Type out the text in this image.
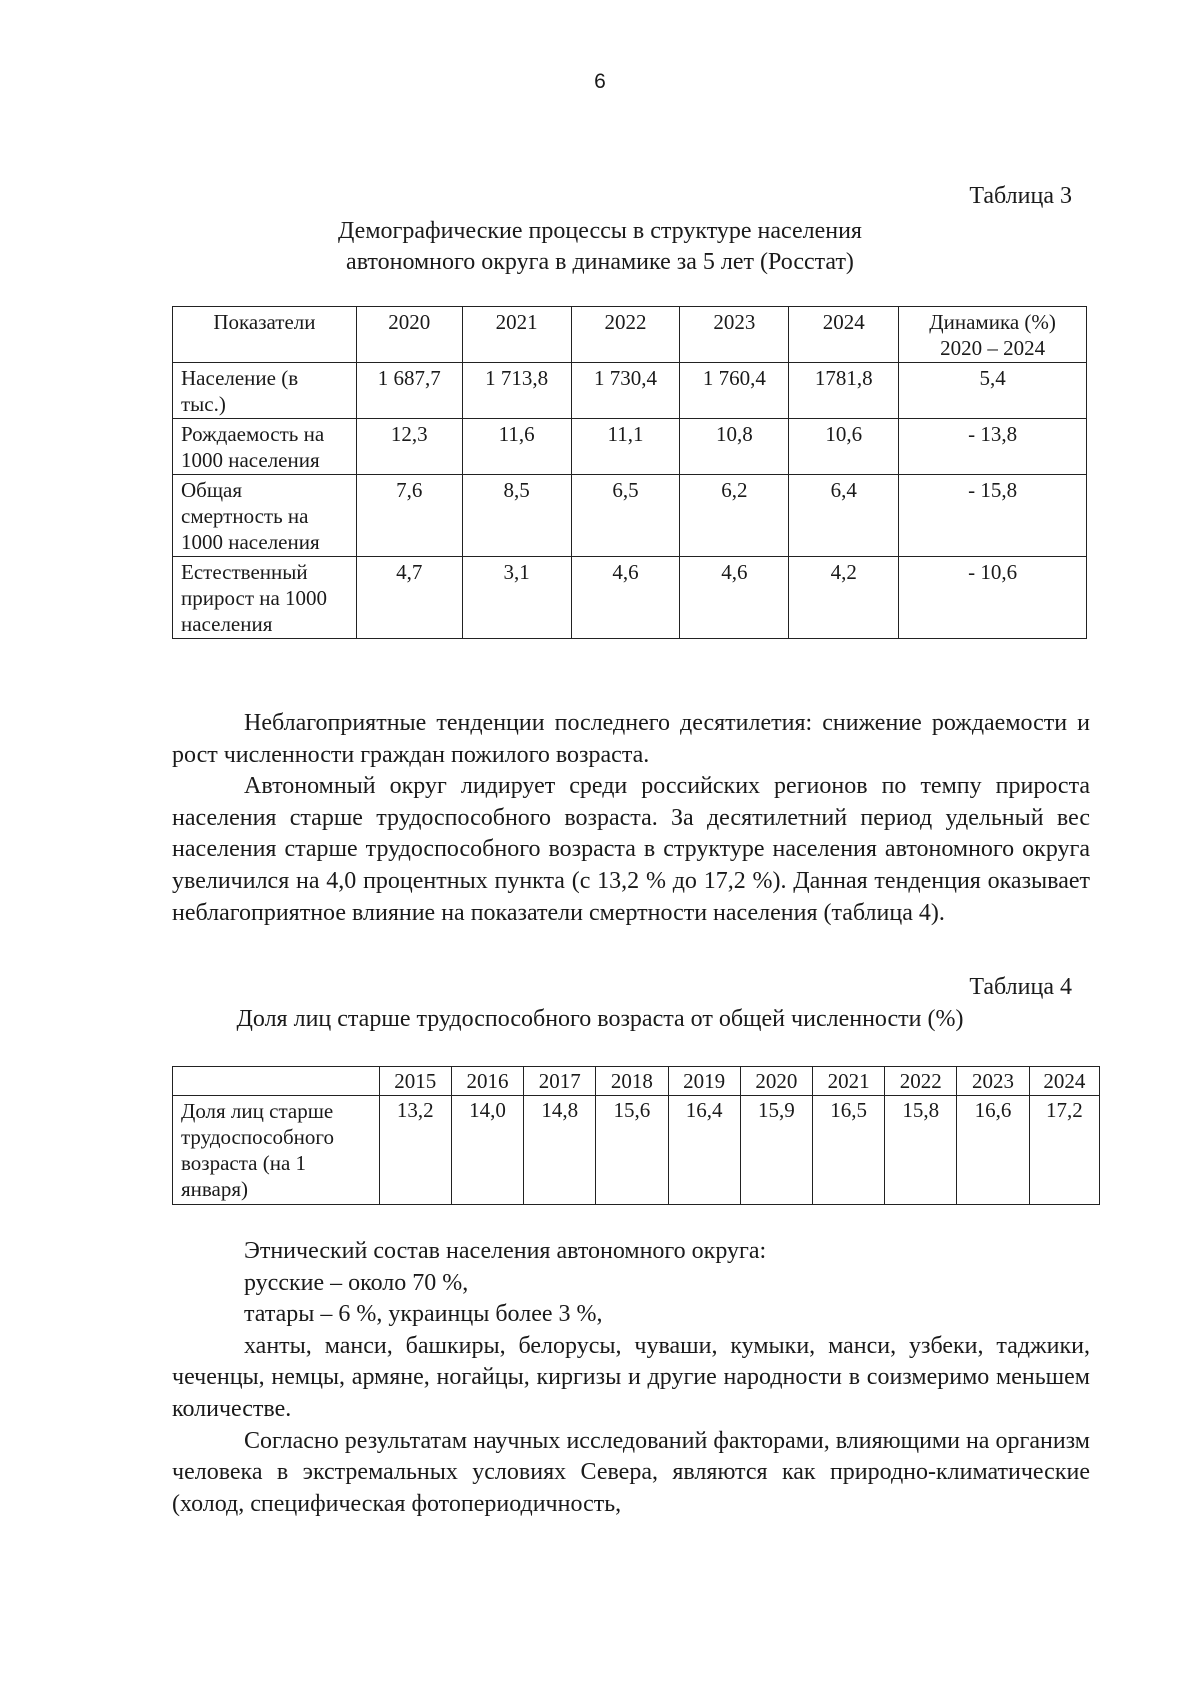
6
Таблица 3
Демографические процессы в структуре населения
автономного округа в динамике за 5 лет (Росстат)
Показатели	2020	2021	2022	2023	2024	Динамика (%)
2020 – 2024

Население (в тыс.)	1 687,7	1 713,8	1 730,4	1 760,4	1781,8	5,4
Рождаемость на 1000 населения	12,3	11,6	11,1	10,8	10,6	- 13,8
Общая смертность на 1000 населения	7,6	8,5	6,5	6,2	6,4	- 15,8
Естественный прирост на 1000 населения	4,7	3,1	4,6	4,6	4,2	- 10,6

Неблагоприятные тенденции последнего десятилетия: снижение рождаемости и рост численности граждан пожилого возраста.

Автономный округ лидирует среди российских регионов по темпу прироста населения старше трудоспособного возраста. За десятилетний период удельный вес населения старше трудоспособного возраста в структуре населения автономного округа увеличился на 4,0 процентных пункта (с 13,2 % до 17,2 %). Данная тенденция оказывает неблагоприятное влияние на показатели смертности населения (таблица 4).

Таблица 4
Доля лиц старше трудоспособного возраста от общей численности (%)
	2015	2016	2017	2018	2019	2020	2021	2022	2023	2024
Доля лиц старше трудоспособного возраста (на 1 января)	13,2	14,0	14,8	15,6	16,4	15,9	16,5	15,8	16,6	17,2

Этнический состав населения автономного округа:

русские – около 70 %,

татары – 6 %, украинцы более 3 %,

ханты, манси, башкиры, белорусы, чуваши, кумыки, манси, узбеки, таджики, чеченцы, немцы, армяне, ногайцы, киргизы и другие народности в соизмеримо меньшем количестве.

Согласно результатам научных исследований факторами, влияющими на организм человека в экстремальных условиях Севера, являются как природно-климатические (холод, специфическая фотопериодичность,
